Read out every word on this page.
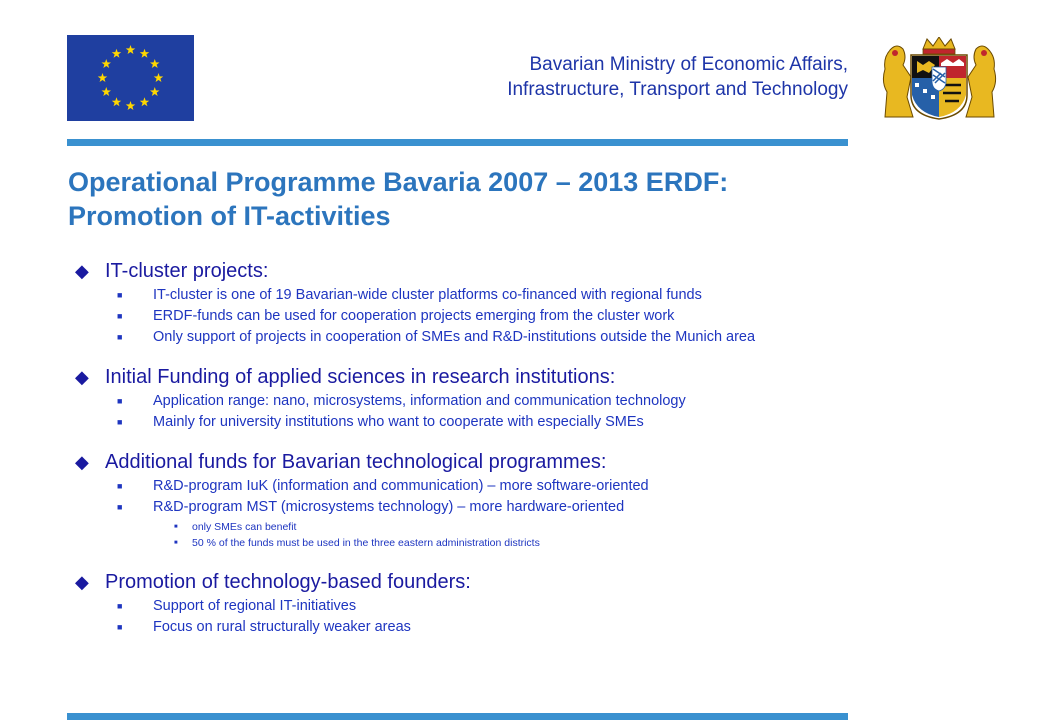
Bavarian Ministry of Economic Affairs,
Infrastructure, Transport and Technology
Operational Programme Bavaria 2007 – 2013 ERDF:
Promotion of IT-activities
◆ IT-cluster projects:
■	IT-cluster is one of 19 Bavarian-wide cluster platforms co-financed with regional funds
■	ERDF-funds can be used for cooperation projects emerging from the cluster work
■	Only support of projects in cooperation of SMEs and R&D-institutions outside the Munich area
◆ Initial Funding of applied sciences in research institutions:
■	Application range: nano, microsystems, information and communication technology
■	Mainly for university institutions who want to cooperate with especially SMEs
◆ Additional funds for Bavarian technological programmes:
■	R&D-program IuK (information and communication) – more software-oriented
■	R&D-program MST (microsystems technology) – more hardware-oriented
■	only SMEs can benefit
■	50 % of the funds must be used in the three eastern administration districts
◆ Promotion of technology-based founders:
■	Support of regional IT-initiatives
■	Focus on rural structurally weaker areas
